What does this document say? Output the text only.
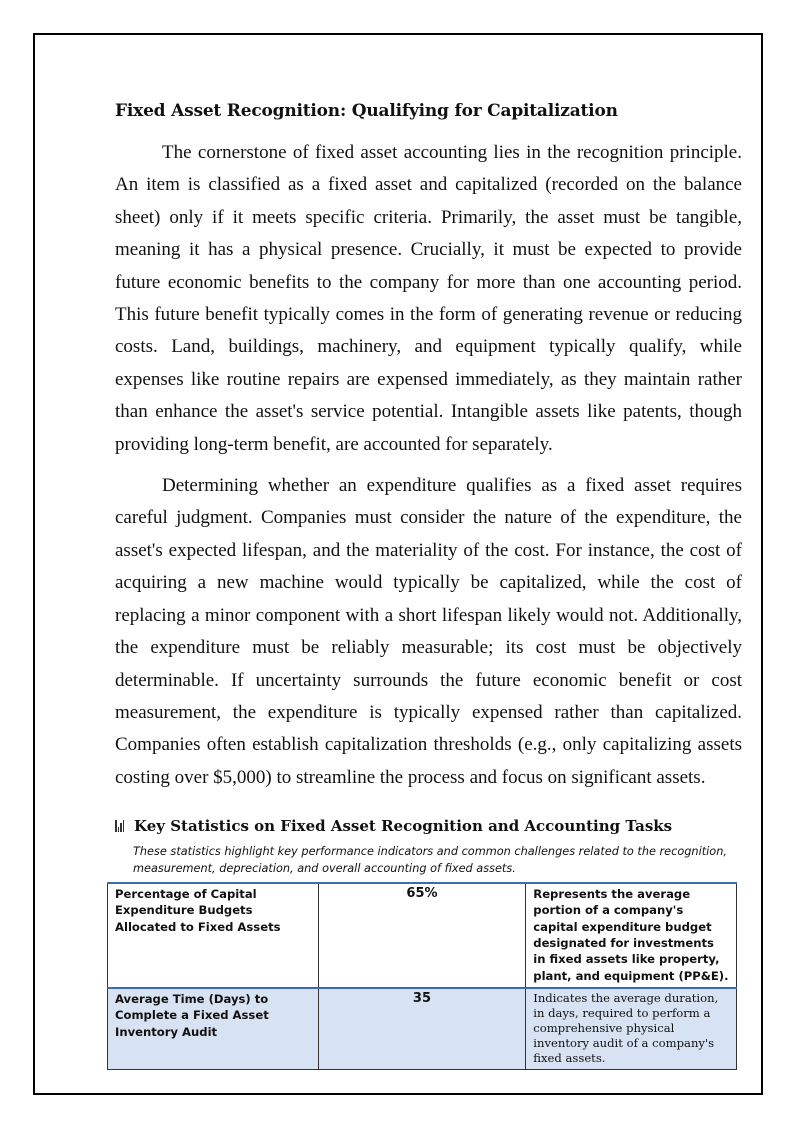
Fixed Asset Recognition: Qualifying for Capitalization

The cornerstone of fixed asset accounting lies in the recognition principle. An item is classified as a fixed asset and capitalized (recorded on the balance sheet) only if it meets specific criteria. Primarily, the asset must be tangible, meaning it has a physical presence. Crucially, it must be expected to provide future economic benefits to the company for more than one accounting period. This future benefit typically comes in the form of generating revenue or reducing costs. Land, buildings, machinery, and equipment typically qualify, while expenses like routine repairs are expensed immediately, as they maintain rather than enhance the asset's service potential. Intangible assets like patents, though providing long-term benefit, are accounted for separately.

Determining whether an expenditure qualifies as a fixed asset requires careful judgment. Companies must consider the nature of the expenditure, the asset's expected lifespan, and the materiality of the cost. For instance, the cost of acquiring a new machine would typically be capitalized, while the cost of replacing a minor component with a short lifespan likely would not. Additionally, the expenditure must be reliably measurable; its cost must be objectively determinable. If uncertainty surrounds the future economic benefit or cost measurement, the expenditure is typically expensed rather than capitalized. Companies often establish capitalization thresholds (e.g., only capitalizing assets costing over $5,000) to streamline the process and focus on significant assets.

Key Statistics on Fixed Asset Recognition and Accounting Tasks
These statistics highlight key performance indicators and common challenges related to the recognition, measurement, depreciation, and overall accounting of fixed assets.
Percentage of Capital Expenditure Budgets Allocated to Fixed Assets	65%	Represents the average portion of a company's capital expenditure budget designated for investments in fixed assets like property, plant, and equipment (PP&E).
Average Time (Days) to Complete a Fixed Asset Inventory Audit	35	Indicates the average duration, in days, required to perform a comprehensive physical inventory audit of a company's fixed assets.
